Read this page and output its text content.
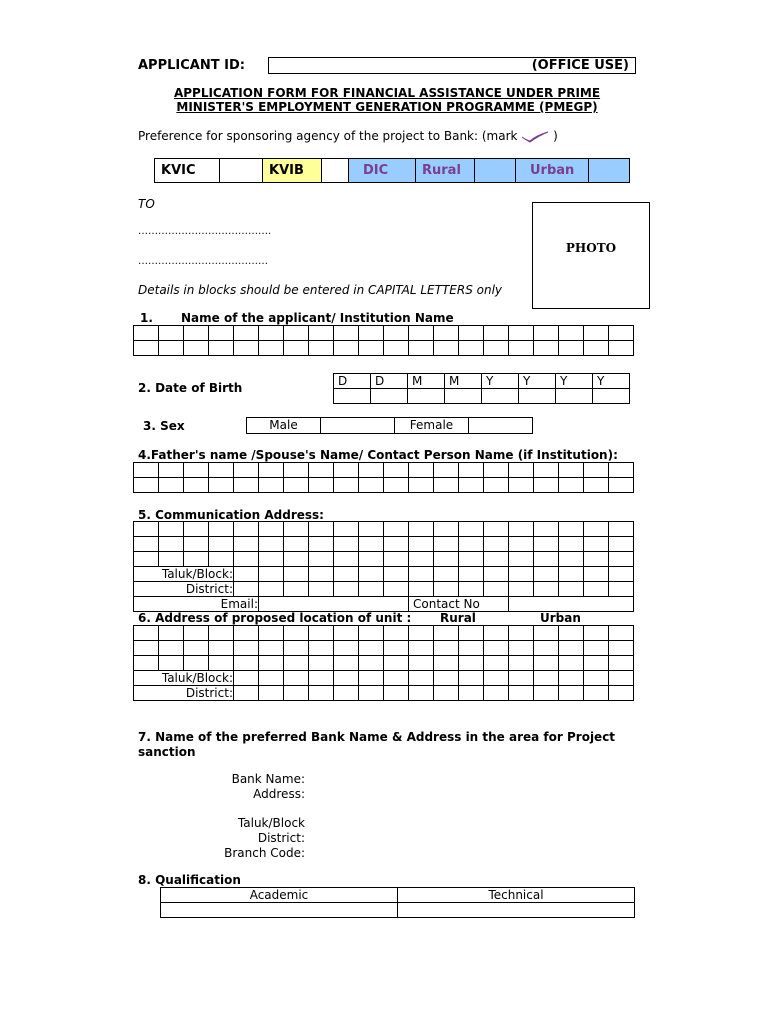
APPLICANT ID:	(OFFICE USE)
APPLICATION FORM FOR FINANCIAL ASSISTANCE UNDER PRIME
MINISTER'S EMPLOYMENT GENERATION PROGRAMME (PMEGP)
Preference for sponsoring agency of the project to Bank: (mark	)
KVIC		KVIB		DIC	Rural		Urban	
TO
………………………………….
…………………………………
Details in blocks should be entered in CAPITAL LETTERS only
PHOTO
1. Name of the applicant/ Institution Name

2. Date of Birth
D	D	M	M	Y	Y	Y	Y

3. Sex	Male		Female	
4.Father's name /Spouse's Name/ Contact Person Name (if Institution):

5. Communication Address:

Taluk/Block:																			
District:																			
Email:											Contact No								
6. Address of proposed location of unit : Rural	Urban

Taluk/Block:																			
District:																			
7. Name of the preferred Bank Name & Address in the area for Project
sanction
Bank Name:
Address:
Taluk/Block
District:
Branch Code:
8. Qualification
Academic	Technical
